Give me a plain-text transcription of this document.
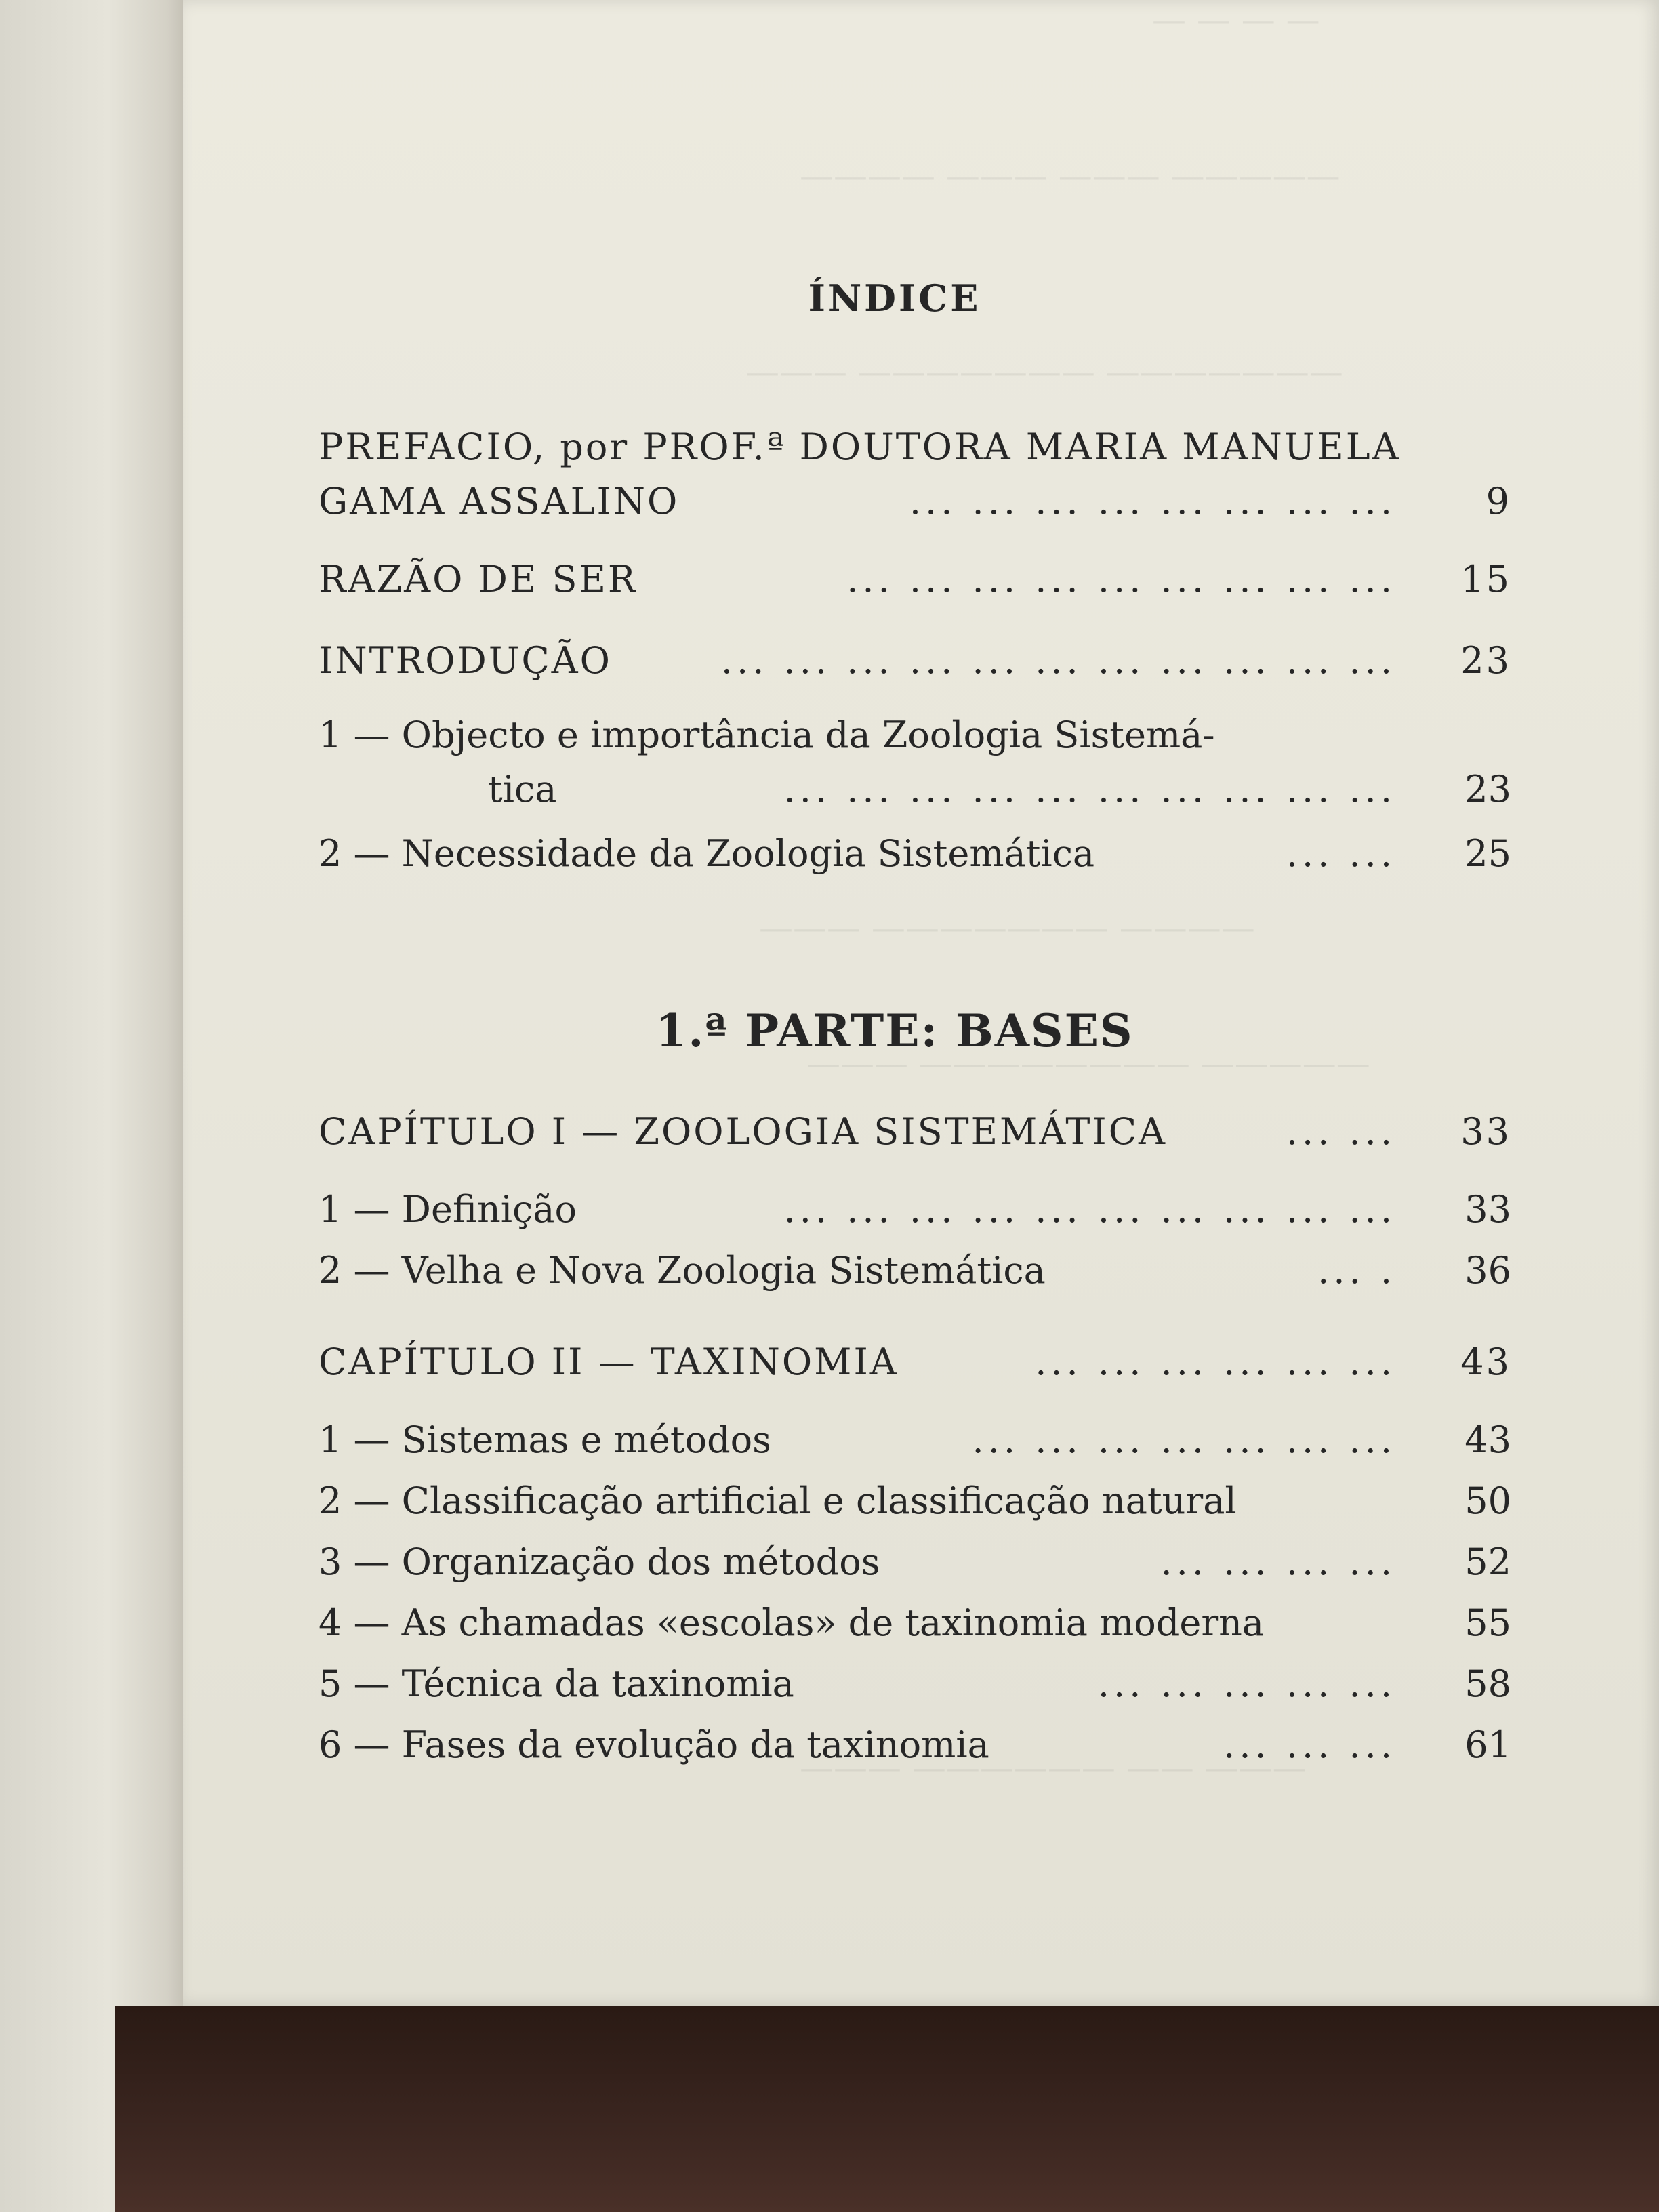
— — — —
———— ——— ——— —————
——— ——————— ———————
——— ——————— ————
——— ———————— —————
——— —————— —— ———
ÍNDICE
PREFACIO, por PROF.ª DOUTORA MARIA MANUELA
GAMA ASSALINO	... ... ... ... ... ... ... ...	9
RAZÃO DE SER	... ... ... ... ... ... ... ... ...	15
INTRODUÇÃO	... ... ... ... ... ... ... ... ... ... ...	23
1 — Objecto e importância da Zoologia Sistemá-
tica	... ... ... ... ... ... ... ... ... ...	23
2 — Necessidade da Zoologia Sistemática	... ...	25
1.ª PARTE: BASES
CAPÍTULO I — ZOOLOGIA SISTEMÁTICA	... ...	33
1 — Definição	... ... ... ... ... ... ... ... ... ...	33
2 — Velha e Nova Zoologia Sistemática	... .	36
CAPÍTULO II — TAXINOMIA	... ... ... ... ... ...	43
1 — Sistemas e métodos	... ... ... ... ... ... ...	43
2 — Classificação artificial e classificação natural	50
3 — Organização dos métodos	... ... ... ...	52
4 — As chamadas «escolas» de taxinomia moderna	55
5 — Técnica da taxinomia	... ... ... ... ...	58
6 — Fases da evolução da taxinomia	... ... ...	61
